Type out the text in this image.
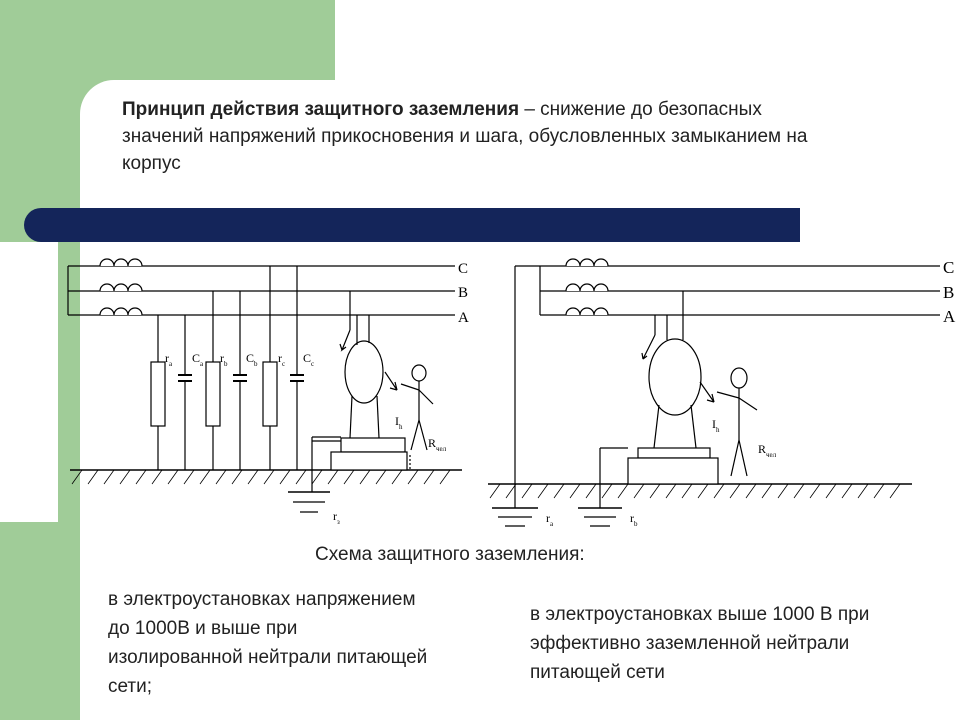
Принцип действия защитного заземления – снижение до безопасных значений напряжений прикосновения и шага, обусловленных замыканием на корпус
C
B
A
$r_a$ $C_a$ $r_b$ $C_b$ $r_c$ $C_c$
$r_з$
$I_h$
$R_{чел}$
C
B
A
$r_a$	$r_b$
$I_h$
$R_{чел}$
Схема защитного заземления:
в электроустановках напряжением до 1000В и выше при изолированной нейтрали питающей сети;
в электроустановках выше 1000 В при эффективно заземленной нейтрали питающей сети
